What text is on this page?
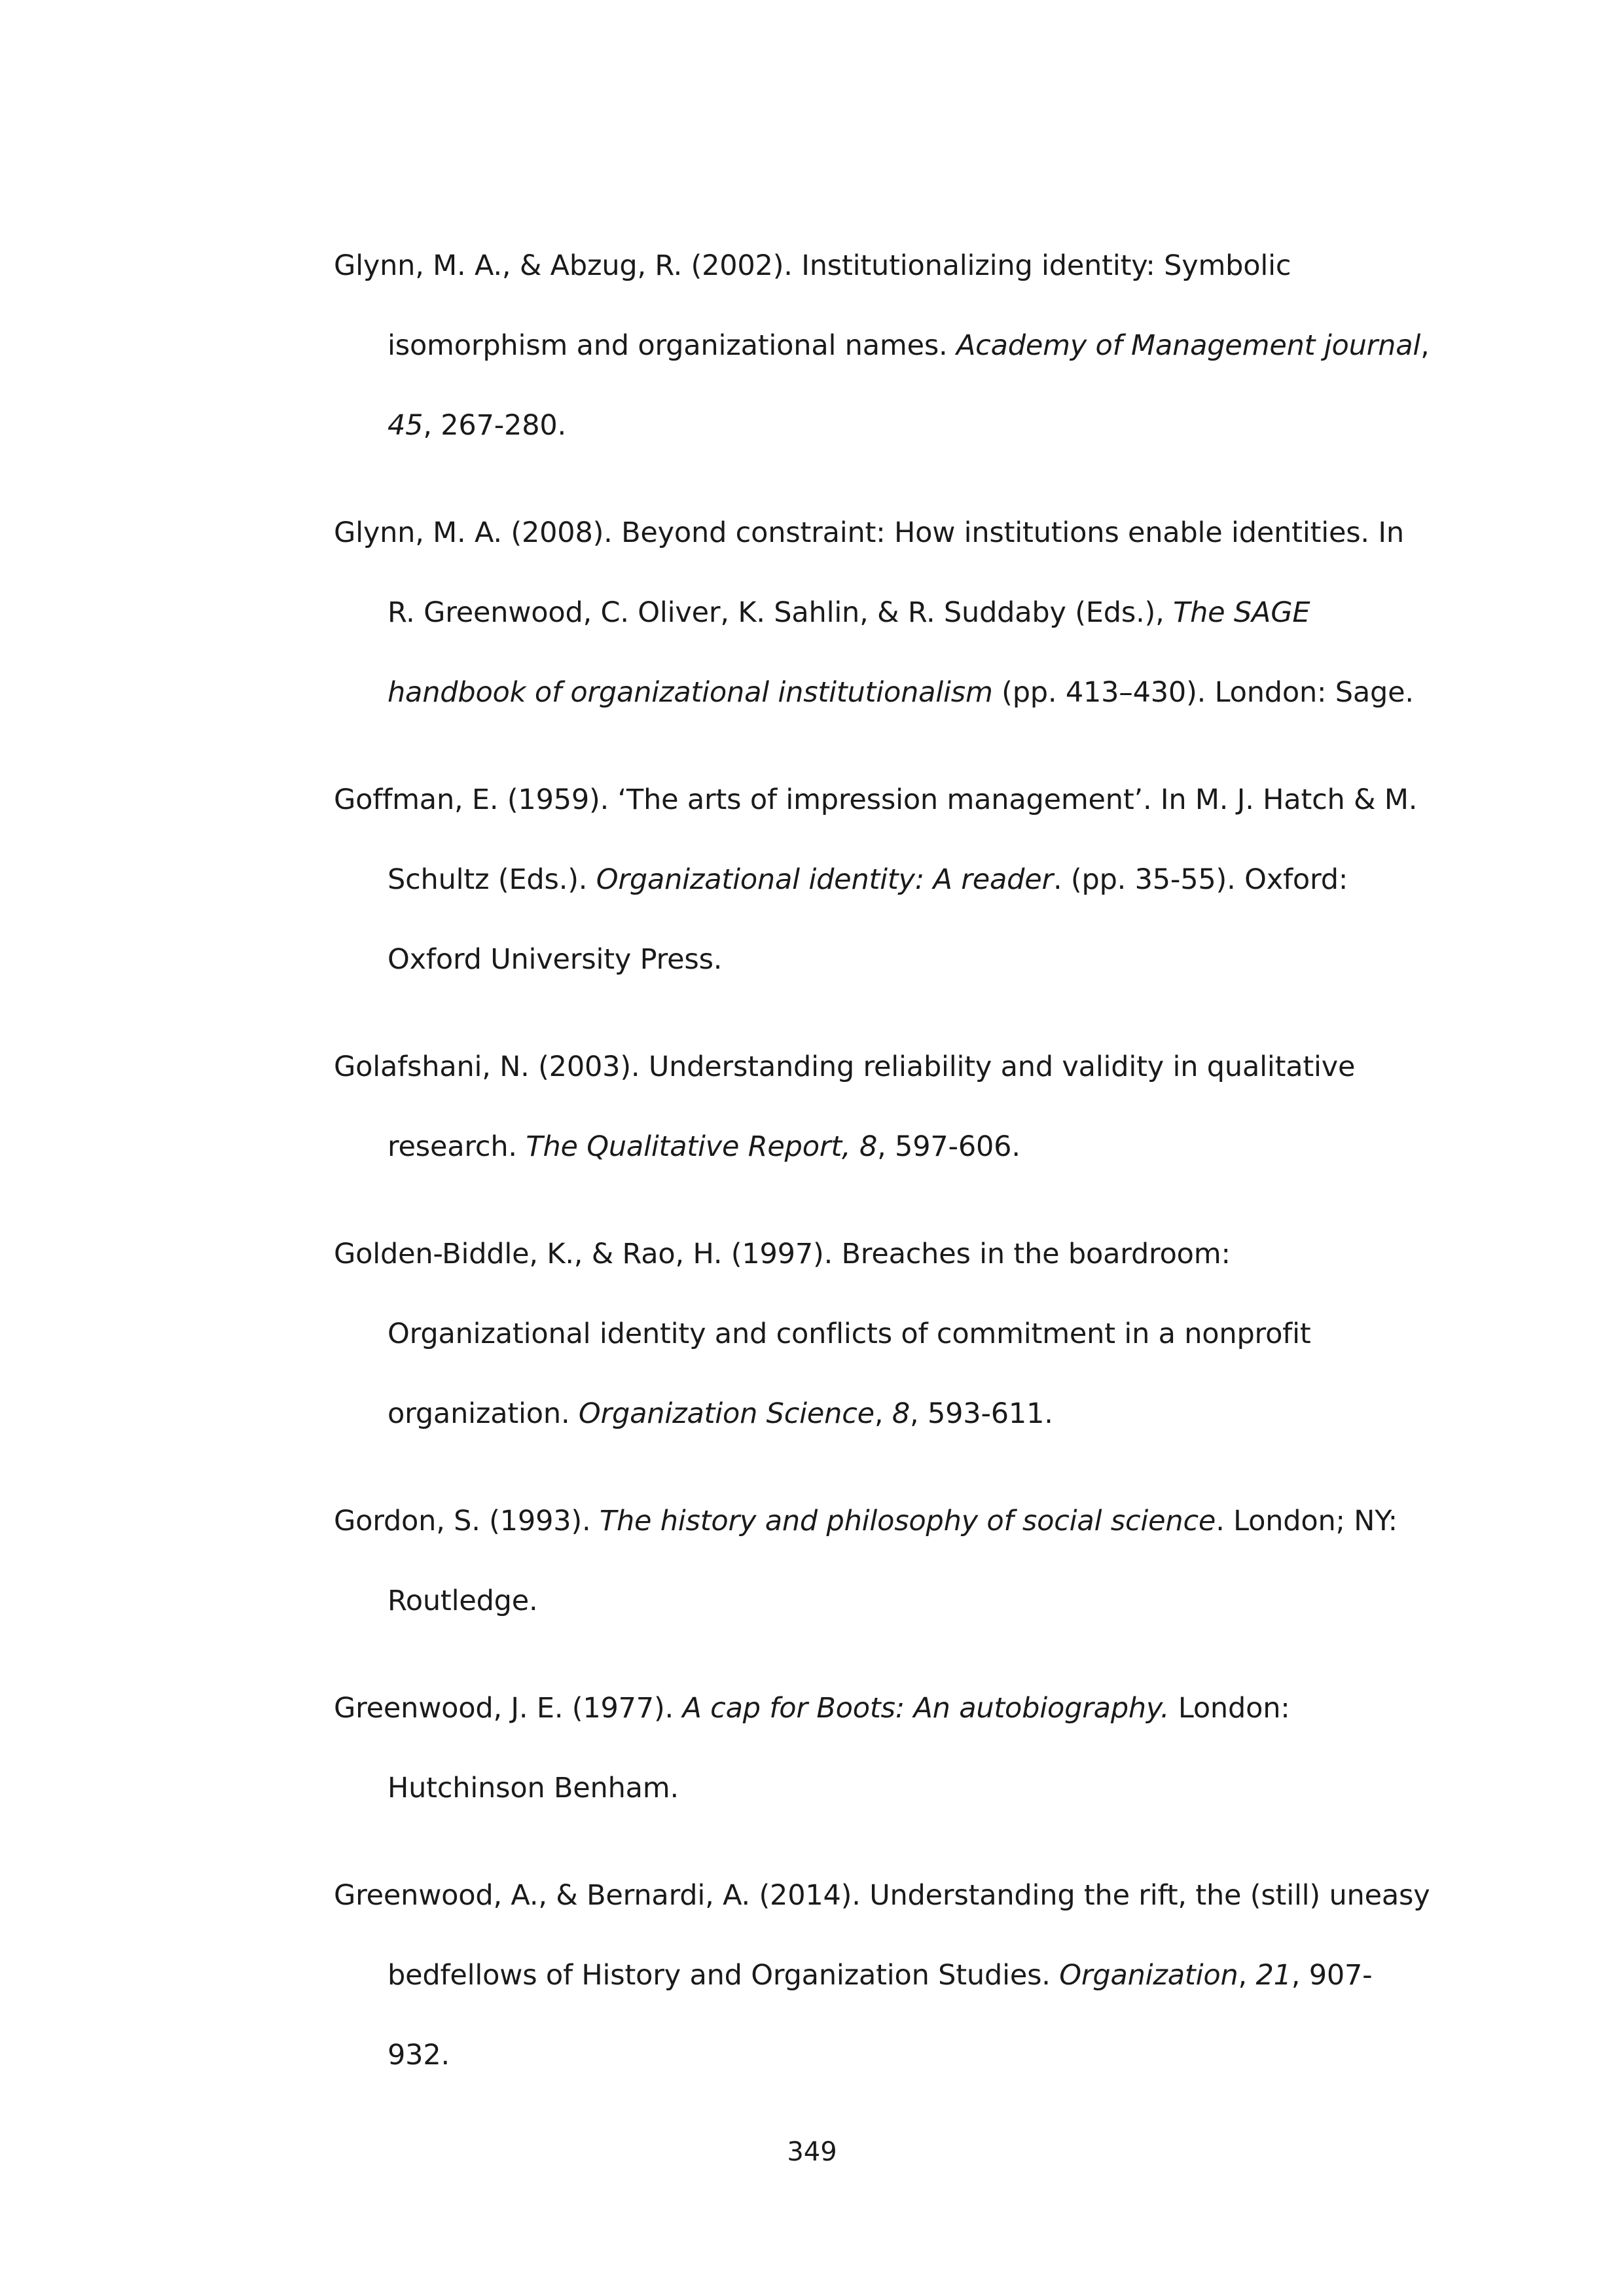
Glynn, M. A., & Abzug, R. (2002). Institutionalizing identity: Symbolic isomorphism and organizational names. Academy of Management journal, 45, 267-280.
Glynn, M. A. (2008). Beyond constraint: How institutions enable identities. In R. Greenwood, C. Oliver, K. Sahlin, & R. Suddaby (Eds.), The SAGE handbook of organizational institutionalism (pp. 413–430). London: Sage.
Goffman, E. (1959). ‘The arts of impression management’. In M. J. Hatch & M. Schultz (Eds.). Organizational identity: A reader. (pp. 35-55). Oxford: Oxford University Press.
Golafshani, N. (2003). Understanding reliability and validity in qualitative research. The Qualitative Report, 8, 597-606.
Golden-Biddle, K., & Rao, H. (1997). Breaches in the boardroom: Organizational identity and conflicts of commitment in a nonprofit organization. Organization Science, 8, 593-611.
Gordon, S. (1993). The history and philosophy of social science. London; NY: Routledge.
Greenwood, J. E. (1977). A cap for Boots: An autobiography. London: Hutchinson Benham.
Greenwood, A., & Bernardi, A. (2014). Understanding the rift, the (still) uneasy bedfellows of History and Organization Studies. Organization, 21, 907-932.
349
